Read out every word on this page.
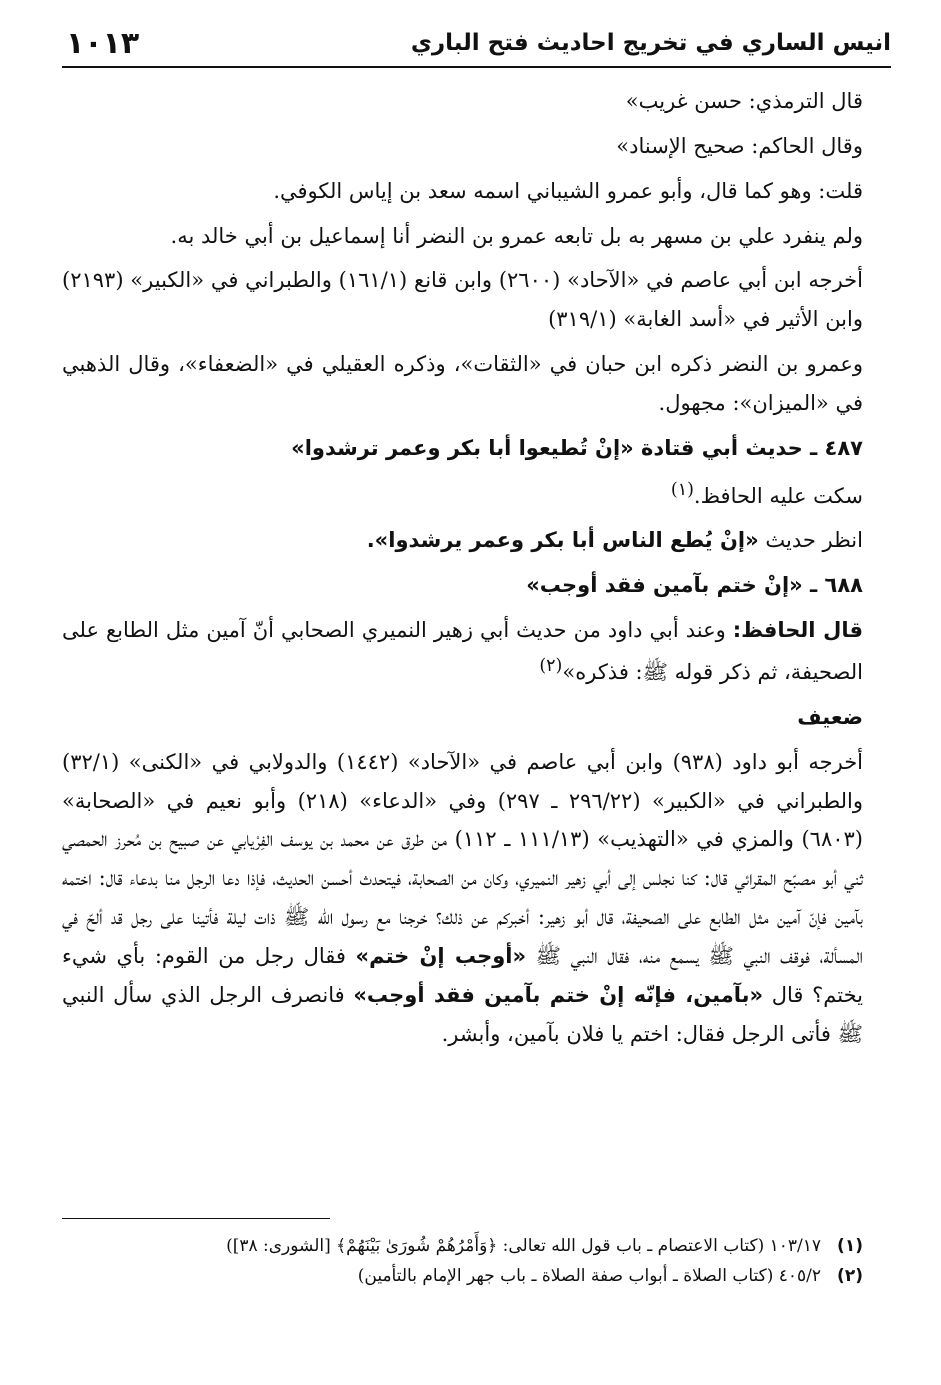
١٠١٣	انيس الساري في تخريج احاديث فتح الباري

قال الترمذي: حسن غريب»

وقال الحاكم: صحيح الإسناد»

قلت: وهو كما قال، وأبو عمرو الشيباني اسمه سعد بن إياس الكوفي.

ولم ينفرد علي بن مسهر به بل تابعه عمرو بن النضر أنا إسماعيل بن أبي خالد به.

أخرجه ابن أبي عاصم في «الآحاد» (٢٦٠٠) وابن قانع (١٦١/١) والطبراني في «الكبير» (٢١٩٣) وابن الأثير في «أسد الغابة» (٣١٩/١)

وعمرو بن النضر ذكره ابن حبان في «الثقات»، وذكره العقيلي في «الضعفاء»، وقال الذهبي في «الميزان»: مجهول.

٤٨٧ ـ حديث أبي قتادة «إنْ تُطيعوا أبا بكر وعمر ترشدوا»

سكت عليه الحافظ.$^{(١)}$

انظر حديث «إنْ يُطع الناس أبا بكر وعمر يرشدوا».

٦٨٨ ـ «إنْ ختم بآمين فقد أوجب»

قال الحافظ: وعند أبي داود من حديث أبي زهير النميري الصحابي أنّ آمين مثل الطابع على الصحيفة، ثم ذكر قوله ﷺ: فذكره»$^{(٢)}$

ضعيف

أخرجه أبو داود (٩٣٨) وابن أبي عاصم في «الآحاد» (١٤٤٢) والدولابي في «الكنى» (٣٢/١) والطبراني في «الكبير» (٢٩٦/٢٢ ـ ٢٩٧) وفي «الدعاء» (٢١٨) وأبو نعيم في «الصحابة» (٦٨٠٣) والمزي في «التهذيب» (١١١/١٣ ـ ١١٢) من طرق عن محمد بن يوسف الفِرْيابي عن صبيح بن مُحرز الحمصي ثني أبو مصبّح المقرائي قال: كنا نجلس إلى أبي زهير النميري، وكان من الصحابة، فيتحدث أحسن الحديث، فإذا دعا الرجل منا بدعاء قال: اختمه بآمين فإنّ آمين مثل الطابع على الصحيفة، قال أبو زهير: أخبركم عن ذلك؟ خرجنا مع رسول الله ﷺ ذات ليلة فأتينا على رجل قد ألحّ في المسألة، فوقف النبي ﷺ يسمع منه، فقال النبي ﷺ «أوجب إنْ ختم» فقال رجل من القوم: بأي شيء يختم؟ قال «بآمين، فإنّه إنْ ختم بآمين فقد أوجب» فانصرف الرجل الذي سأل النبي ﷺ فأتى الرجل فقال: اختم يا فلان بآمين، وأبشر.

(١)١٠٣/١٧ (كتاب الاعتصام ـ باب قول الله تعالى: ﴿وَأَمْرُهُمْ شُورَىٰ بَيْنَهُمْ﴾ [الشورى: ٣٨])

(٢)٤٠٥/٢ (كتاب الصلاة ـ أبواب صفة الصلاة ـ باب جهر الإمام بالتأمين)
